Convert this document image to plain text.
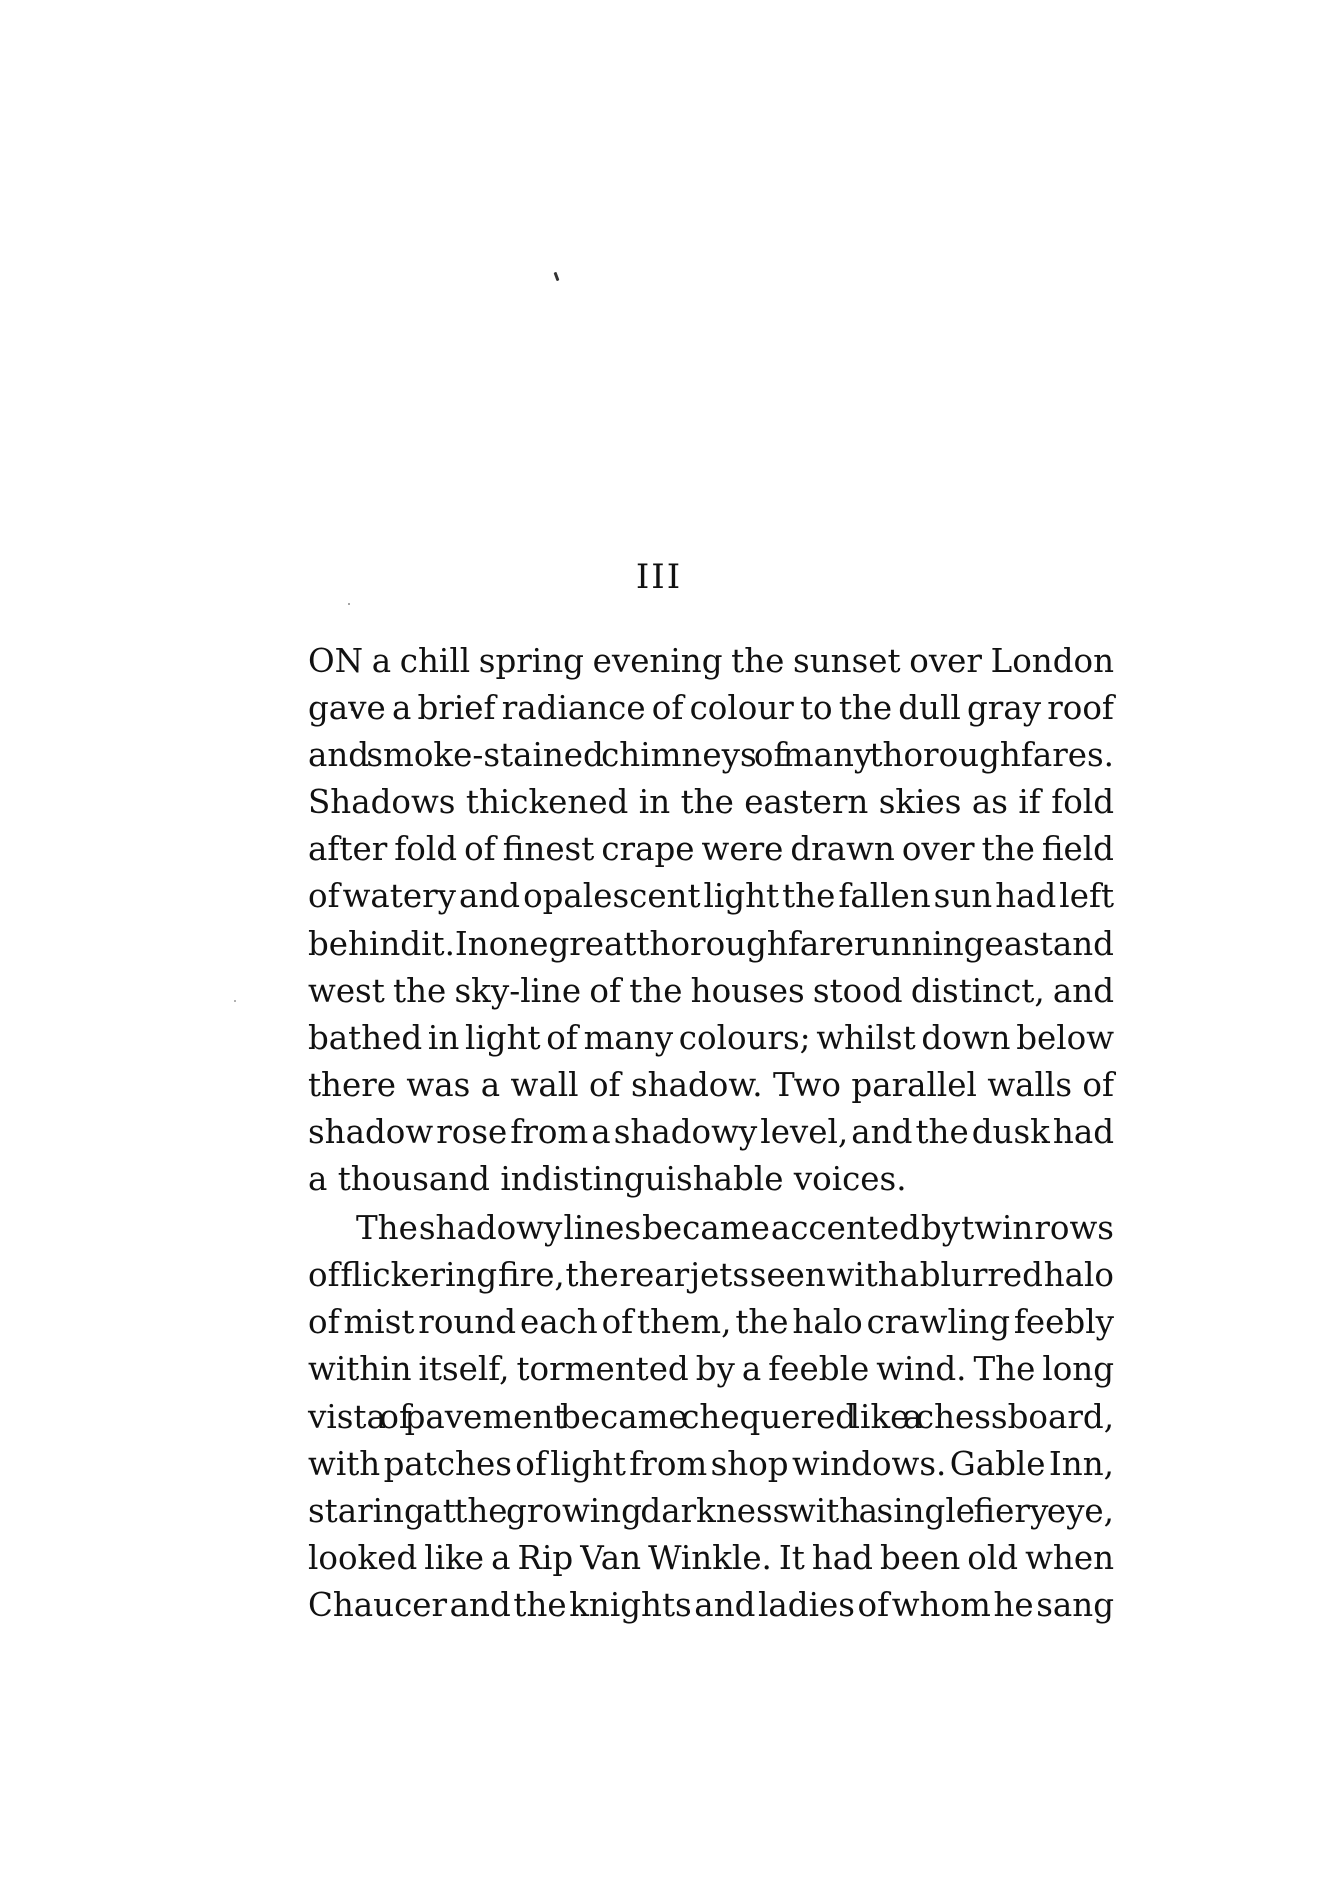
III

ON a chill spring evening the sunset over London
gave a brief radiance of colour to the dull gray roof
and smoke-stained chimneys of many thoroughfares.
Shadows thickened in the eastern skies as if fold
after fold of finest crape were drawn over the field
of watery and opalescent light the fallen sun had left
behind it. In one great thoroughfare running east and
west the sky-line of the houses stood distinct, and
bathed in light of many colours; whilst down below
there was a wall of shadow. Two parallel walls of
shadow rose from a shadowy level, and the dusk had
a thousand indistinguishable voices.

The shadowy lines became accented by twin rows
of flickering fire, the rear jets seen with a blurred halo
of mist round each of them, the halo crawling feebly
within itself, tormented by a feeble wind. The long
vista of pavement became chequered like a chessboard,
with patches of light from shop windows. Gable Inn,
staring at the growing darkness with a single fiery eye,
looked like a Rip Van Winkle. It had been old when
Chaucer and the knights and ladies of whom he sang
